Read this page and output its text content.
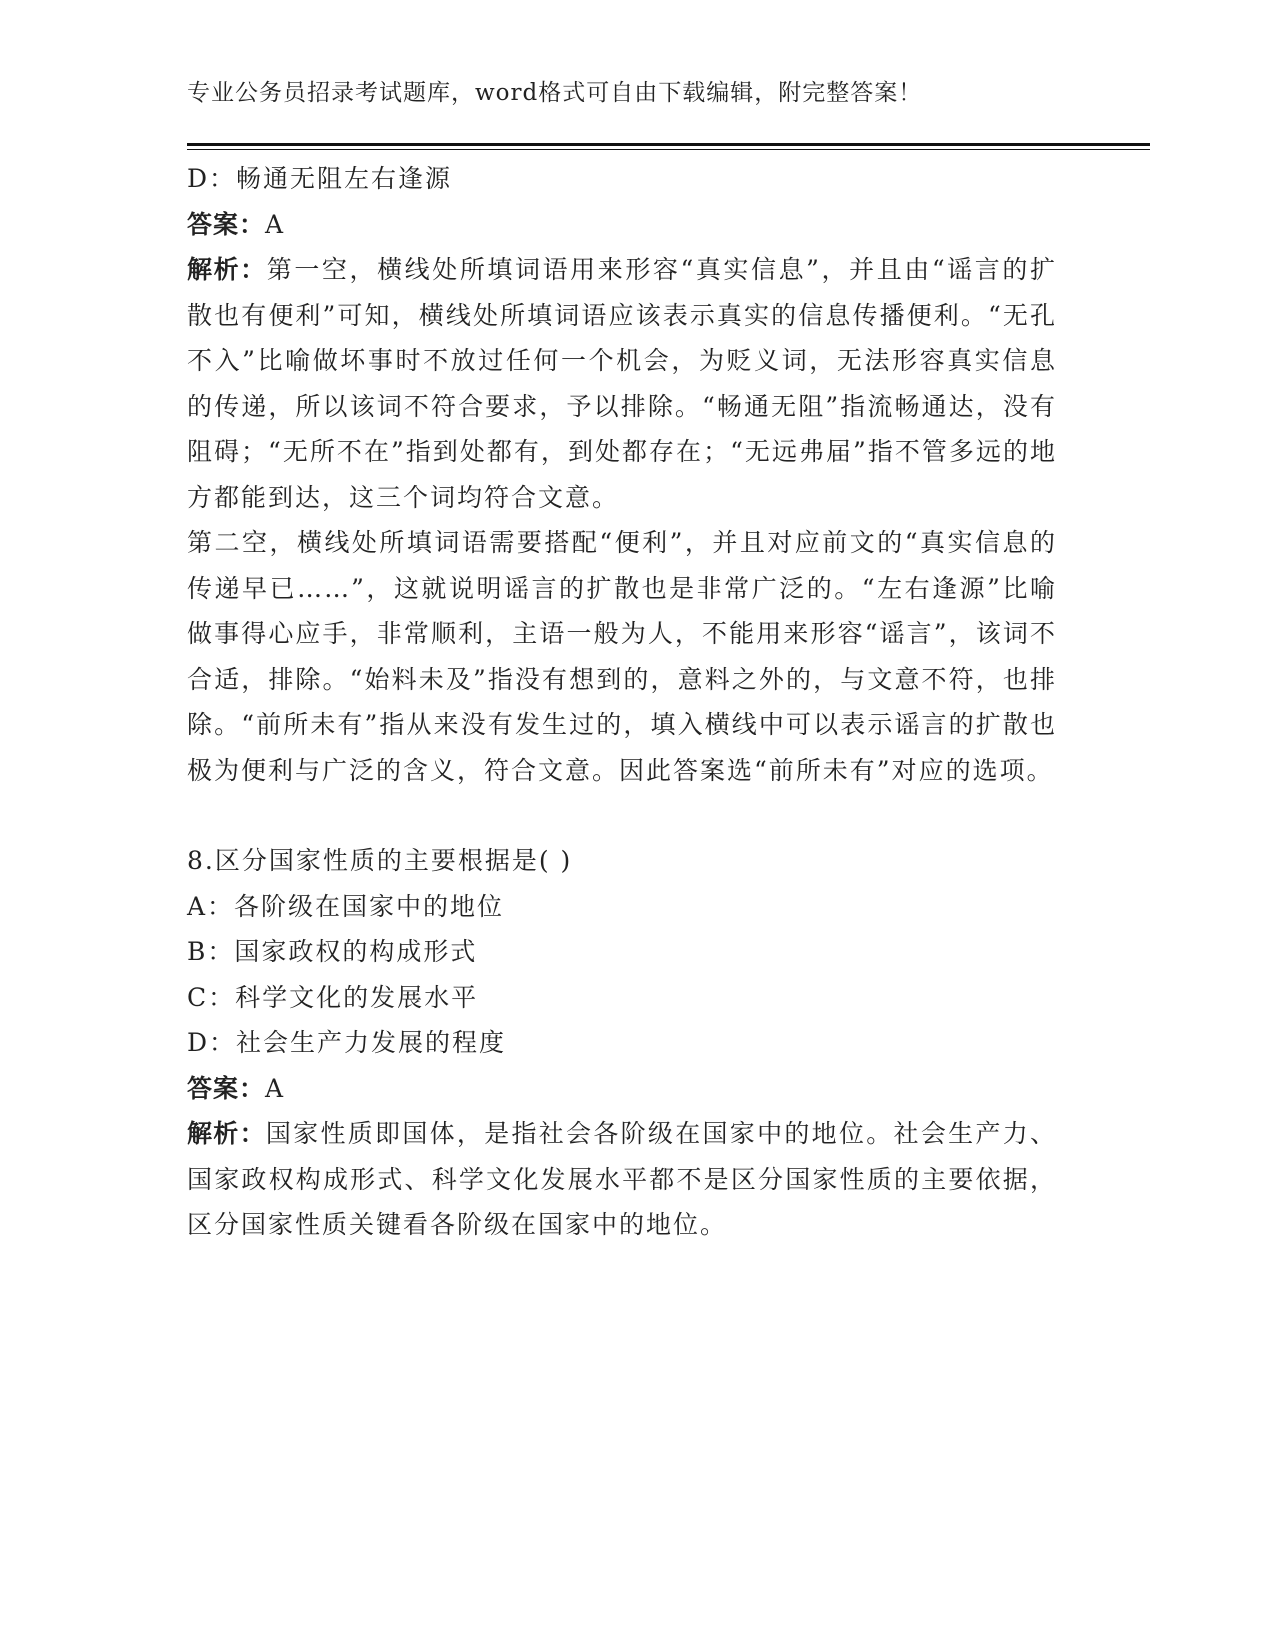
专业公务员招录考试题库，word格式可自由下载编辑，附完整答案！
D：畅通无阻左右逢源
答案：A
解析：第一空，横线处所填词语用来形容“真实信息”，并且由“谣言的扩散也有便利”可知，横线处所填词语应该表示真实的信息传播便利。“无孔不入”比喻做坏事时不放过任何一个机会，为贬义词，无法形容真实信息的传递，所以该词不符合要求，予以排除。“畅通无阻”指流畅通达，没有阻碍；“无所不在”指到处都有，到处都存在；“无远弗届”指不管多远的地方都能到达，这三个词均符合文意。
第二空，横线处所填词语需要搭配“便利”，并且对应前文的“真实信息的传递早已……”，这就说明谣言的扩散也是非常广泛的。“左右逢源”比喻做事得心应手，非常顺利，主语一般为人，不能用来形容“谣言”，该词不合适，排除。“始料未及”指没有想到的，意料之外的，与文意不符，也排除。“前所未有”指从来没有发生过的，填入横线中可以表示谣言的扩散也极为便利与广泛的含义，符合文意。因此答案选“前所未有”对应的选项。
8.区分国家性质的主要根据是( )
A：各阶级在国家中的地位
B：国家政权的构成形式
C：科学文化的发展水平
D：社会生产力发展的程度
答案：A
解析：国家性质即国体，是指社会各阶级在国家中的地位。社会生产力、国家政权构成形式、科学文化发展水平都不是区分国家性质的主要依据，区分国家性质关键看各阶级在国家中的地位。
